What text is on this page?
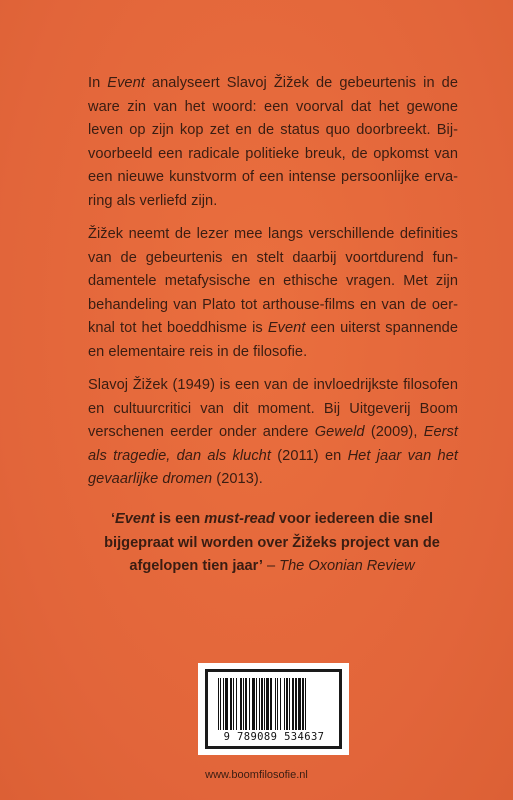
In Event analyseert Slavoj Žižek de gebeurtenis in de ware zin van het woord: een voorval dat het gewone leven op zijn kop zet en de status quo doorbreekt. Bijvoorbeeld een radicale politieke breuk, de opkomst van een nieuwe kunstvorm of een intense persoonlijke ervaring als verliefd zijn.

Žižek neemt de lezer mee langs verschillende definities van de gebeurtenis en stelt daarbij voortdurend fundamentele metafysische en ethische vragen. Met zijn behandeling van Plato tot arthouse-films en van de oerknal tot het boeddhisme is Event een uiterst spannende en elementaire reis in de filosofie.

Slavoj Žižek (1949) is een van de invloedrijkste filosofen en cultuurcritici van dit moment. Bij Uitgeverij Boom verschenen eerder onder andere Geweld (2009), Eerst als tragedie, dan als klucht (2011) en Het jaar van het gevaarlijke dromen (2013).

‘Event is een must-read voor iedereen die snel bijgepraat wil worden over Žižeks project van de afgelopen tien jaar’ – The Oxonian Review

9 789089 534637
www.boomfilosofie.nl
